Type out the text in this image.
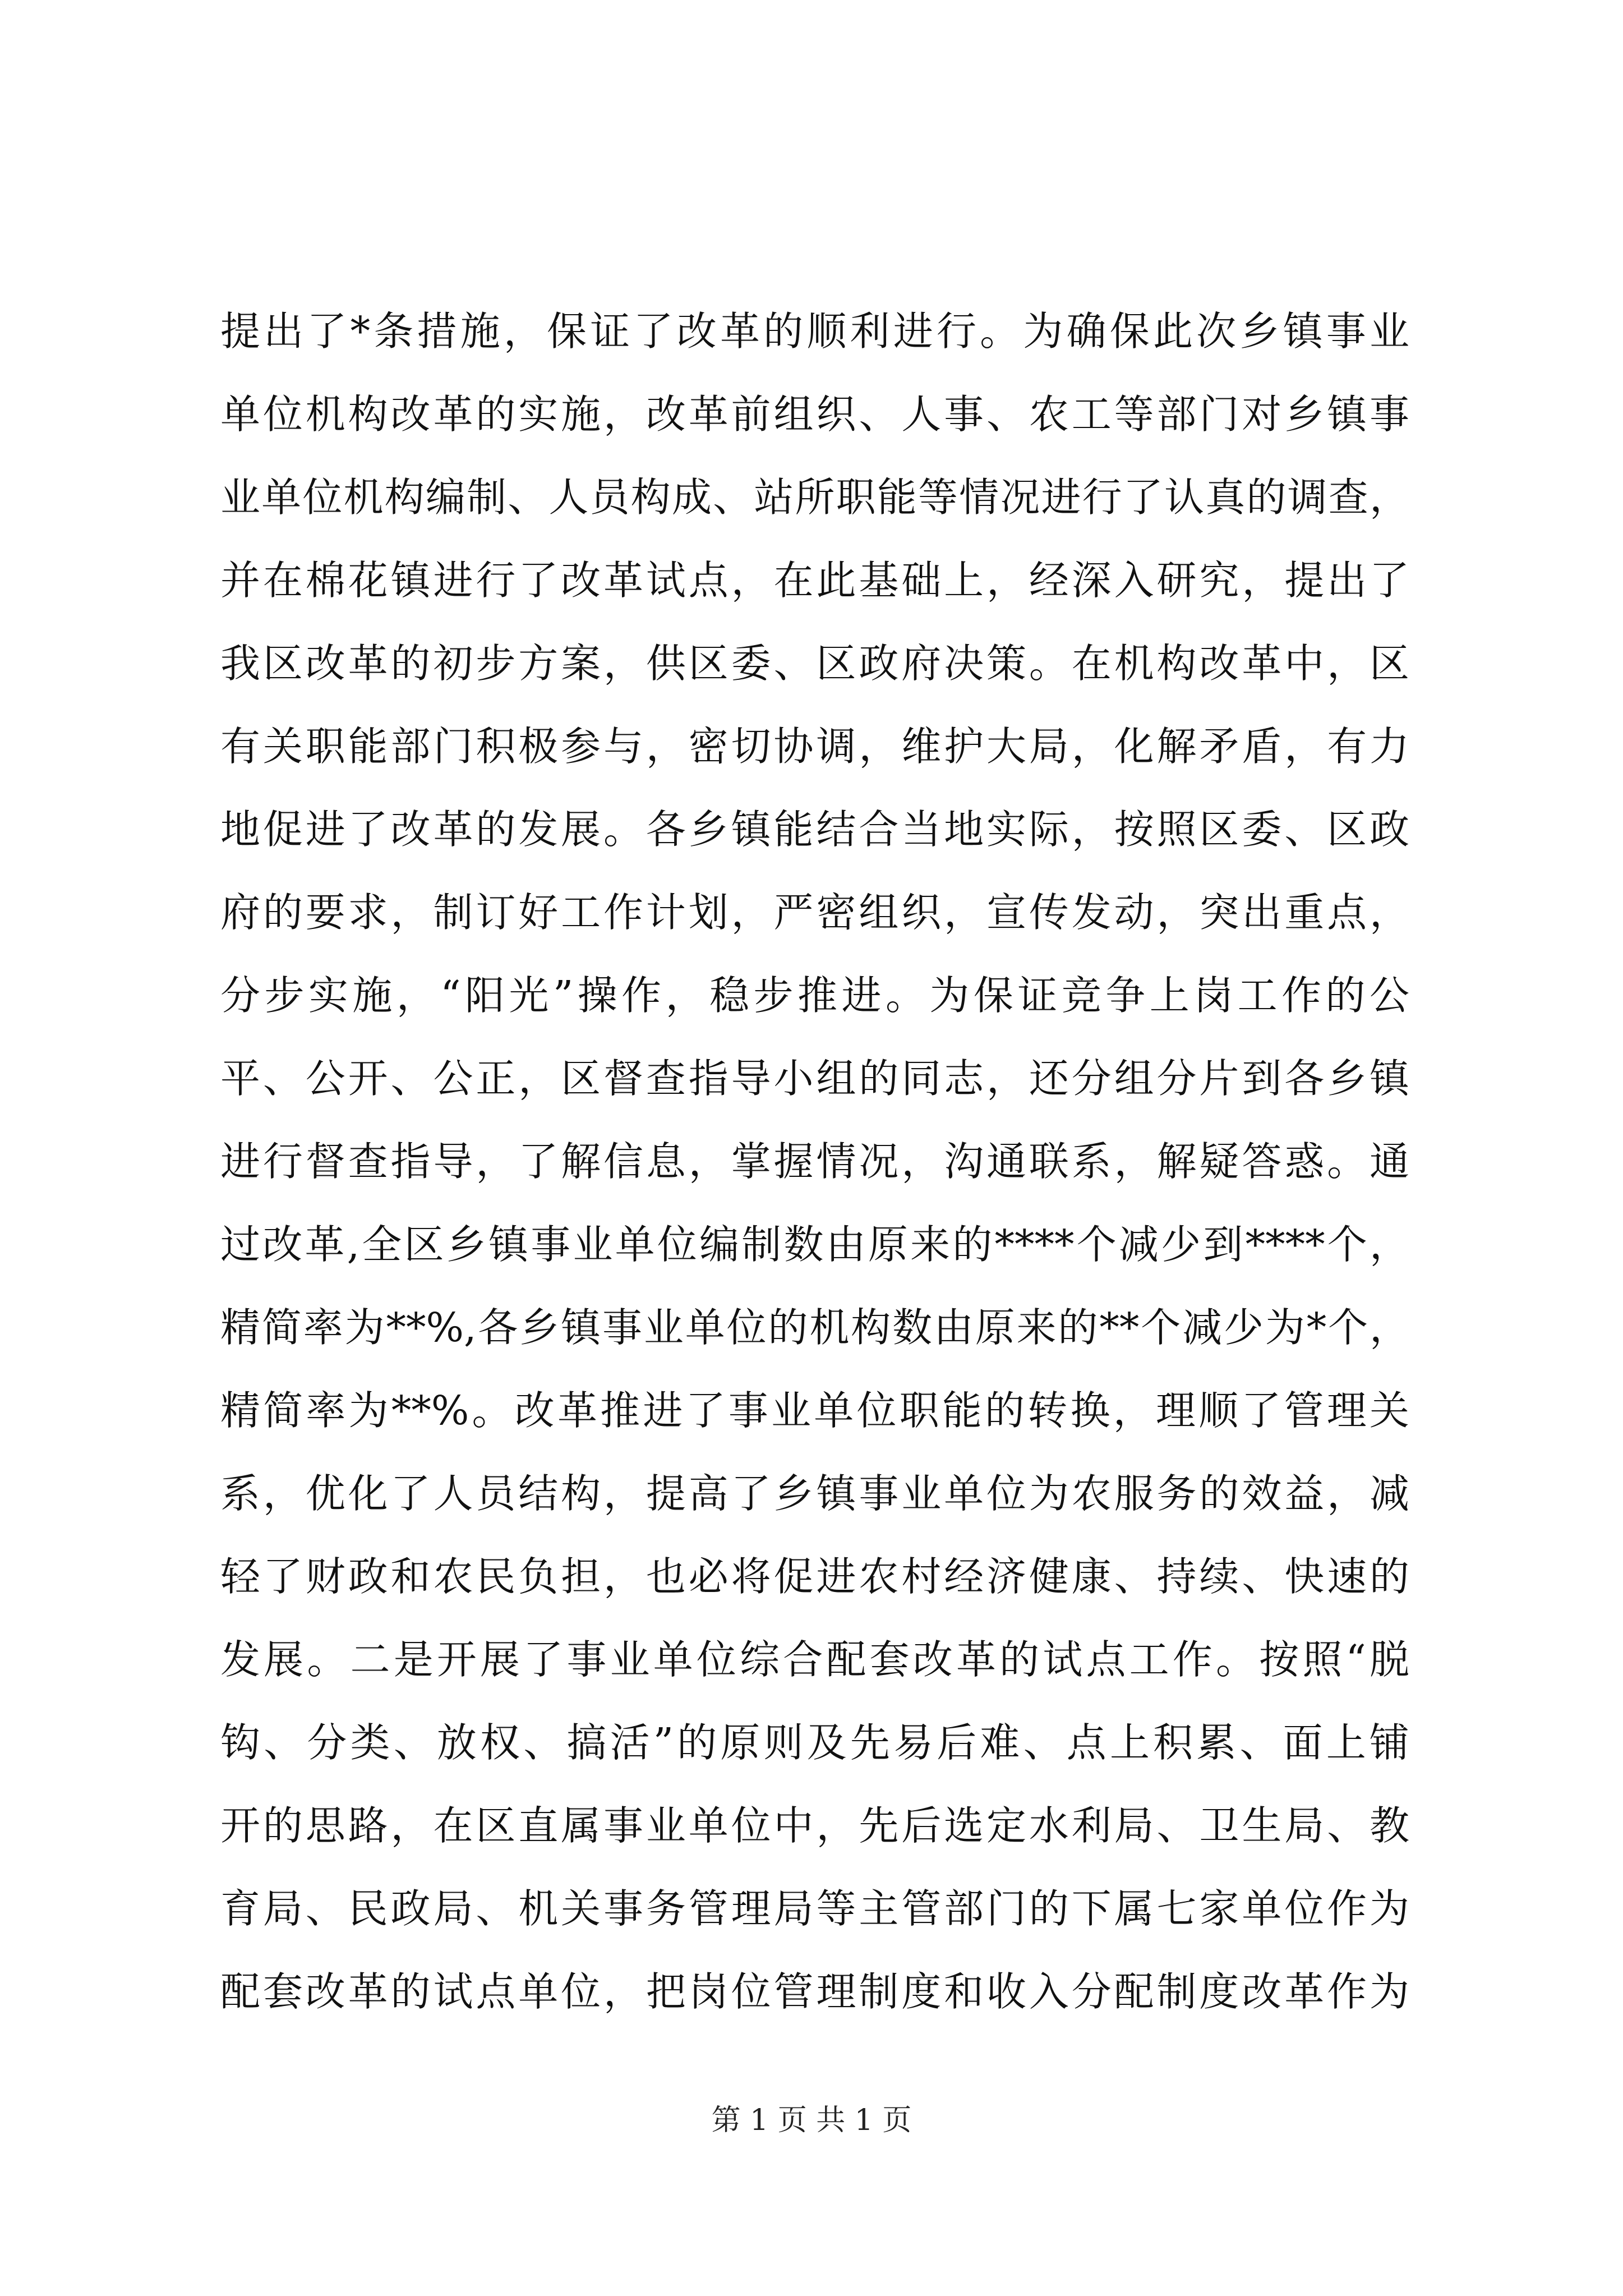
提出了*条措施，保证了改革的顺利进行。为确保此次乡镇事业
单位机构改革的实施，改革前组织、人事、农工等部门对乡镇事
业单位机构编制、人员构成、站所职能等情况进行了认真的调查，
并在棉花镇进行了改革试点，在此基础上，经深入研究，提出了
我区改革的初步方案，供区委、区政府决策。在机构改革中，区
有关职能部门积极参与，密切协调，维护大局，化解矛盾，有力
地促进了改革的发展。各乡镇能结合当地实际，按照区委、区政
府的要求，制订好工作计划，严密组织，宣传发动，突出重点，
分步实施，“阳光”操作，稳步推进。为保证竞争上岗工作的公
平、公开、公正，区督查指导小组的同志，还分组分片到各乡镇
进行督查指导，了解信息，掌握情况，沟通联系，解疑答惑。通
过改革,全区乡镇事业单位编制数由原来的****个减少到****个，
精简率为**%,各乡镇事业单位的机构数由原来的**个减少为*个，
精简率为**%。改革推进了事业单位职能的转换，理顺了管理关
系，优化了人员结构，提高了乡镇事业单位为农服务的效益，减
轻了财政和农民负担，也必将促进农村经济健康、持续、快速的
发展。二是开展了事业单位综合配套改革的试点工作。按照“脱
钩、分类、放权、搞活”的原则及先易后难、点上积累、面上铺
开的思路，在区直属事业单位中，先后选定水利局、卫生局、教
育局、民政局、机关事务管理局等主管部门的下属七家单位作为
配套改革的试点单位，把岗位管理制度和收入分配制度改革作为
第 1 页 共 1 页
